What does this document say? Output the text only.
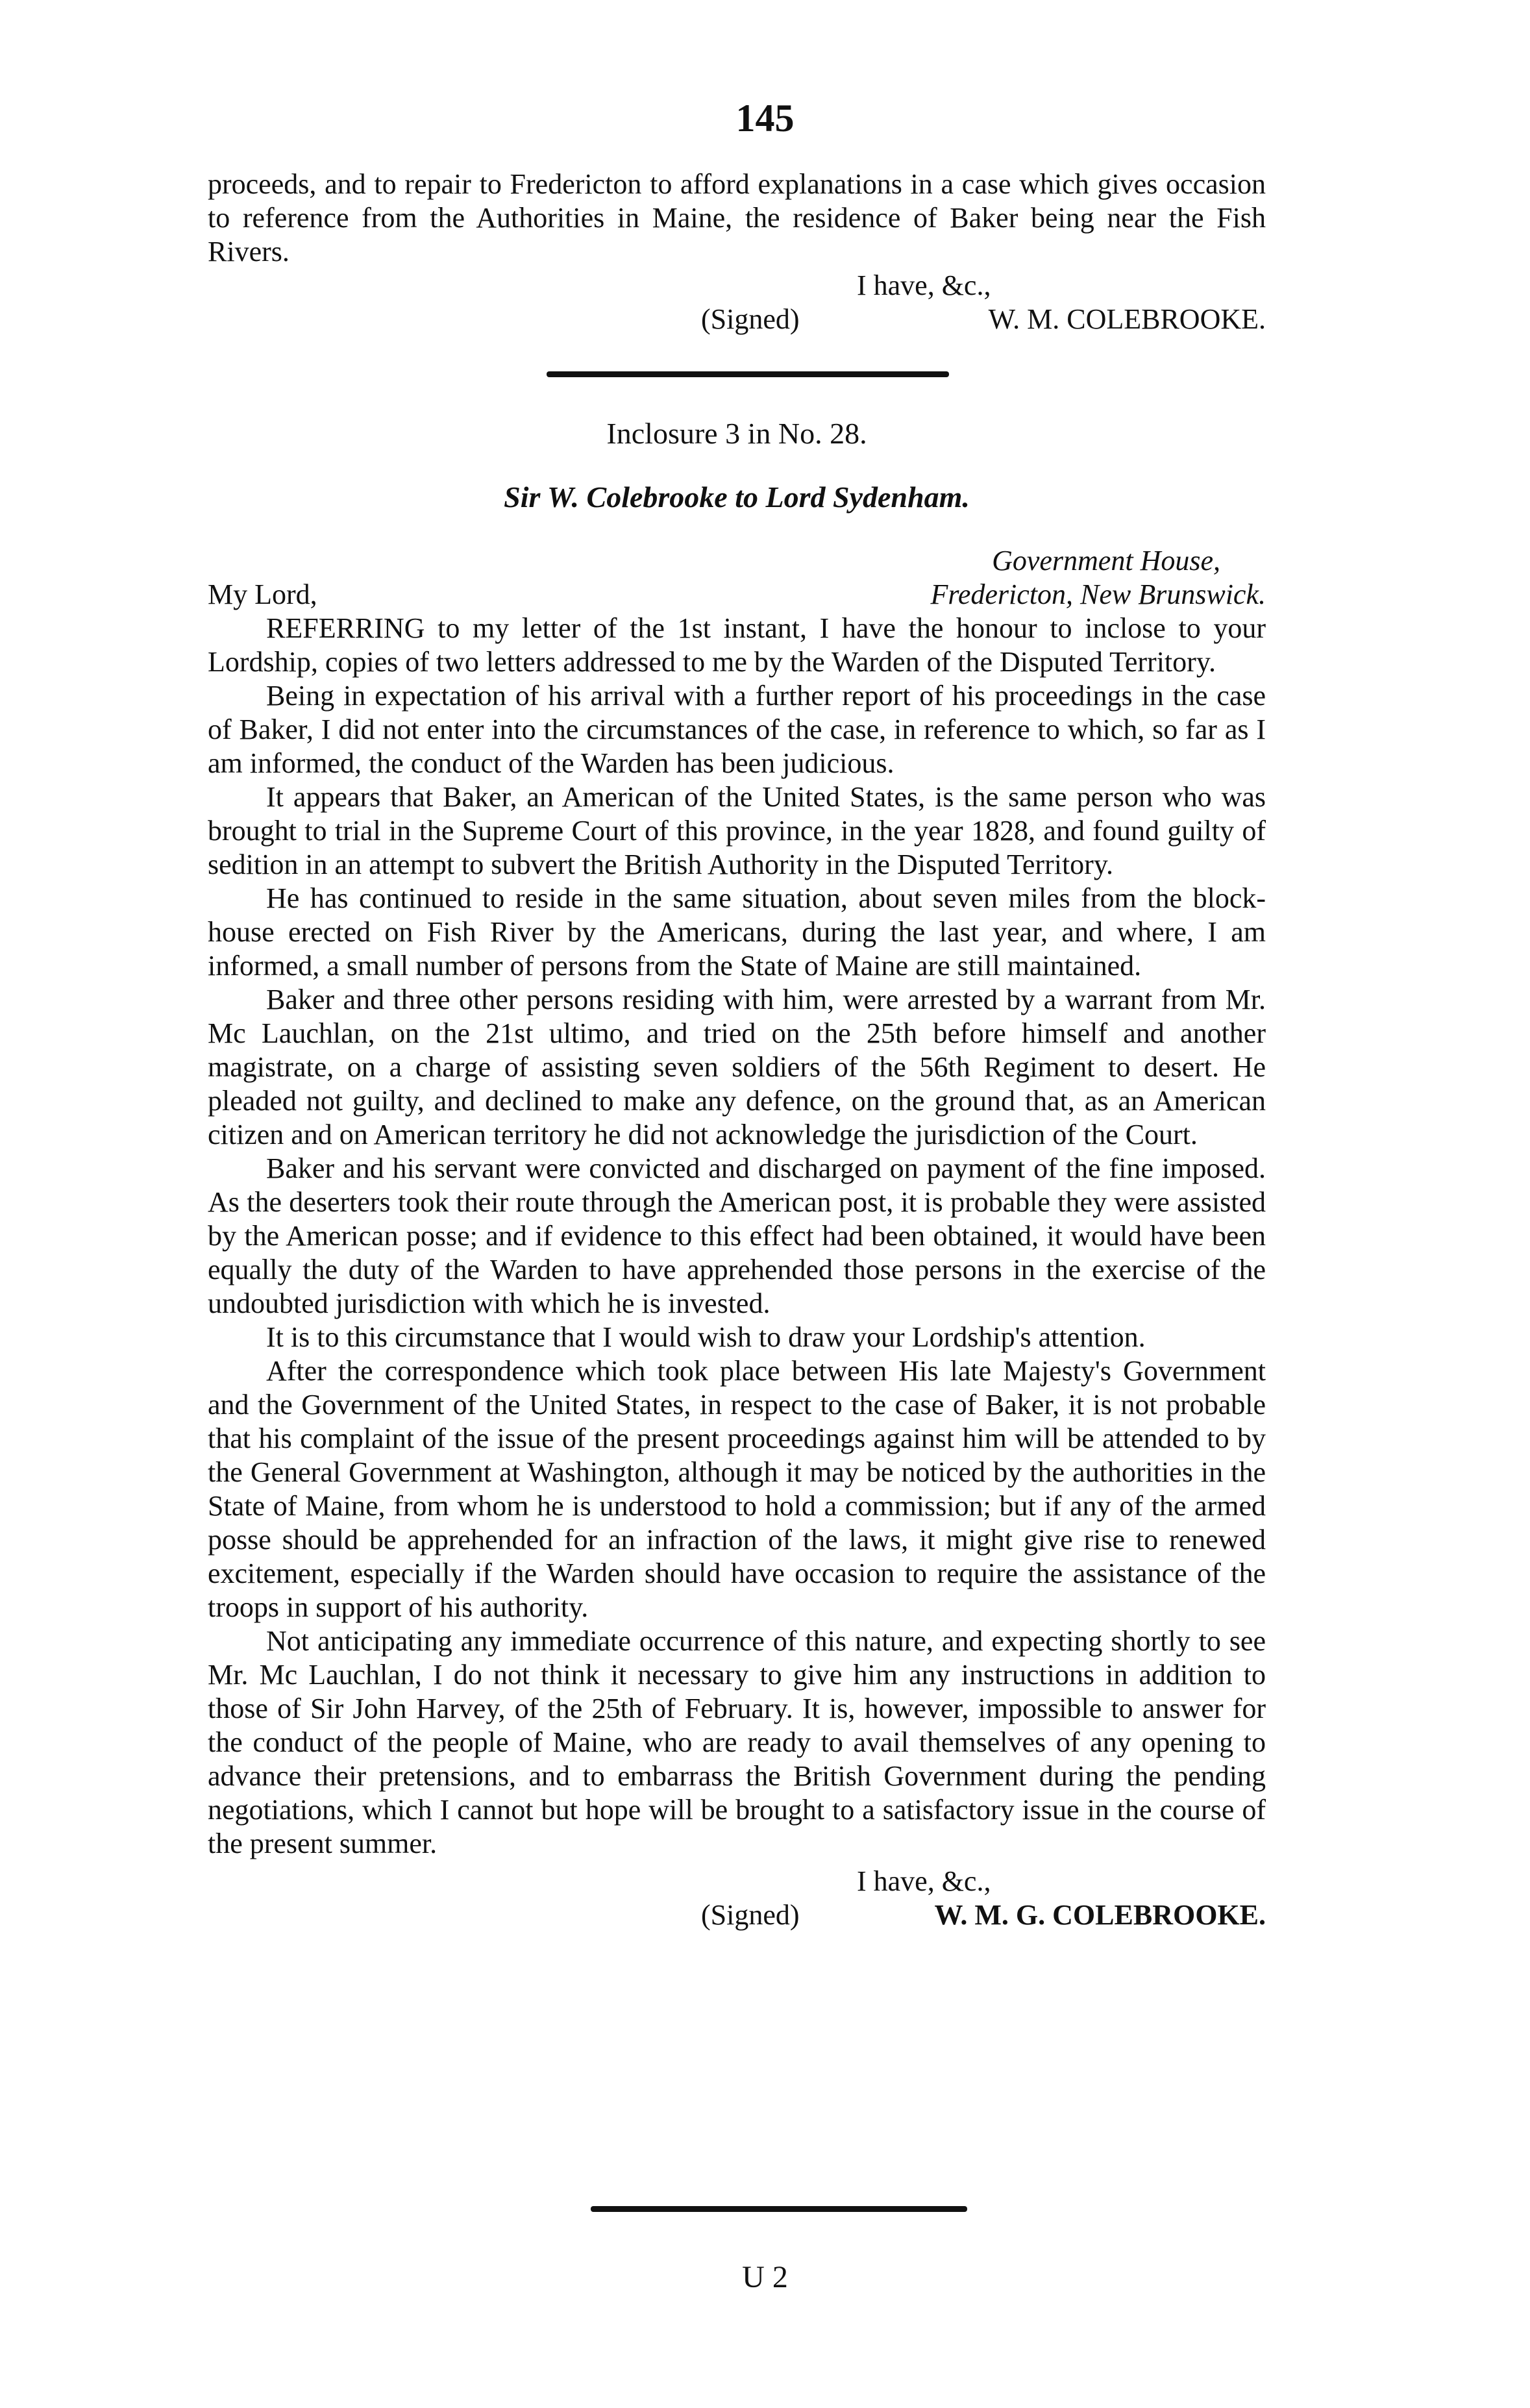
145

proceeds, and to repair to Fredericton to afford explanations in a case which gives occasion to reference from the Authorities in Maine, the residence of Baker being near the Fish Rivers.

I have, &c.,
(Signed)	W. M. COLEBROOKE.
Inclosure 3 in No. 28.
Sir W. Colebrooke to Lord Sydenham.
Government House,
My Lord,	Fredericton, New Brunswick.

REFERRING to my letter of the 1st instant, I have the honour to inclose to your Lordship, copies of two letters addressed to me by the Warden of the Disputed Territory.

Being in expectation of his arrival with a further report of his proceedings in the case of Baker, I did not enter into the circumstances of the case, in reference to which, so far as I am informed, the conduct of the Warden has been judicious.

It appears that Baker, an American of the United States, is the same person who was brought to trial in the Supreme Court of this province, in the year 1828, and found guilty of sedition in an attempt to subvert the British Authority in the Disputed Territory.

He has continued to reside in the same situation, about seven miles from the block-house erected on Fish River by the Americans, during the last year, and where, I am informed, a small number of persons from the State of Maine are still maintained.

Baker and three other persons residing with him, were arrested by a warrant from Mr. Mc Lauchlan, on the 21st ultimo, and tried on the 25th before himself and another magistrate, on a charge of assisting seven soldiers of the 56th Regiment to desert. He pleaded not guilty, and declined to make any defence, on the ground that, as an American citizen and on American territory he did not acknowledge the jurisdiction of the Court.

Baker and his servant were convicted and discharged on payment of the fine imposed. As the deserters took their route through the American post, it is probable they were assisted by the American posse; and if evidence to this effect had been obtained, it would have been equally the duty of the Warden to have apprehended those persons in the exercise of the undoubted jurisdiction with which he is invested.

It is to this circumstance that I would wish to draw your Lordship's attention.

After the correspondence which took place between His late Majesty's Government and the Government of the United States, in respect to the case of Baker, it is not probable that his complaint of the issue of the present proceedings against him will be attended to by the General Government at Washington, although it may be noticed by the authorities in the State of Maine, from whom he is understood to hold a commission; but if any of the armed posse should be apprehended for an infraction of the laws, it might give rise to renewed excitement, especially if the Warden should have occasion to require the assistance of the troops in support of his authority.

Not anticipating any immediate occurrence of this nature, and expecting shortly to see Mr. Mc Lauchlan, I do not think it necessary to give him any instructions in addition to those of Sir John Harvey, of the 25th of February. It is, however, impossible to answer for the conduct of the people of Maine, who are ready to avail themselves of any opening to advance their pretensions, and to embarrass the British Government during the pending negotiations, which I cannot but hope will be brought to a satisfactory issue in the course of the present summer.

I have, &c.,
(Signed)	W. M. G. COLEBROOKE.
U 2
